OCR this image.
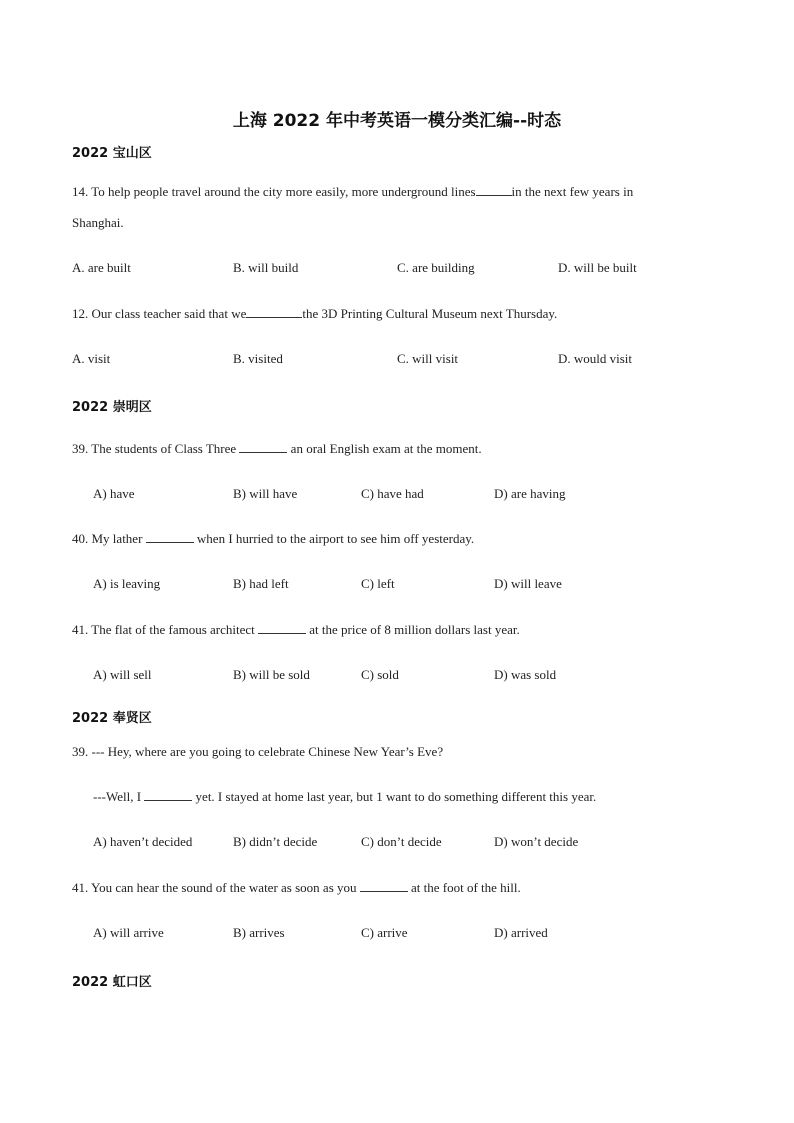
上海 2022 年中考英语一模分类汇编--时态
2022 宝山区
14. To help people travel around the city more easily, more underground lines	in the next few years in
Shanghai.
A. are built	B. will build	C. are building	D. will be built
12. Our class teacher said that we	the 3D Printing Cultural Museum next Thursday.
A. visit	B. visited	C. will visit	D. would visit
2022 崇明区
39. The students of Class Three	an oral English exam at the moment.
A) have	B) will have	C) have had	D) are having
40. My lather	when I hurried to the airport to see him off yesterday.
A) is leaving	B) had left	C) left	D) will leave
41. The flat of the famous architect	at the price of 8 million dollars last year.
A) will sell	B) will be sold	C) sold	D) was sold
2022 奉贤区
39. --- Hey, where are you going to celebrate Chinese New Year’s Eve?
---Well, I	yet. I stayed at home last year, but 1 want to do something different this year.
A) haven’t decided	B) didn’t decide	C) don’t decide	D) won’t decide
41. You can hear the sound of the water as soon as you	at the foot of the hill.
A) will arrive	B) arrives	C) arrive	D) arrived
2022 虹口区
